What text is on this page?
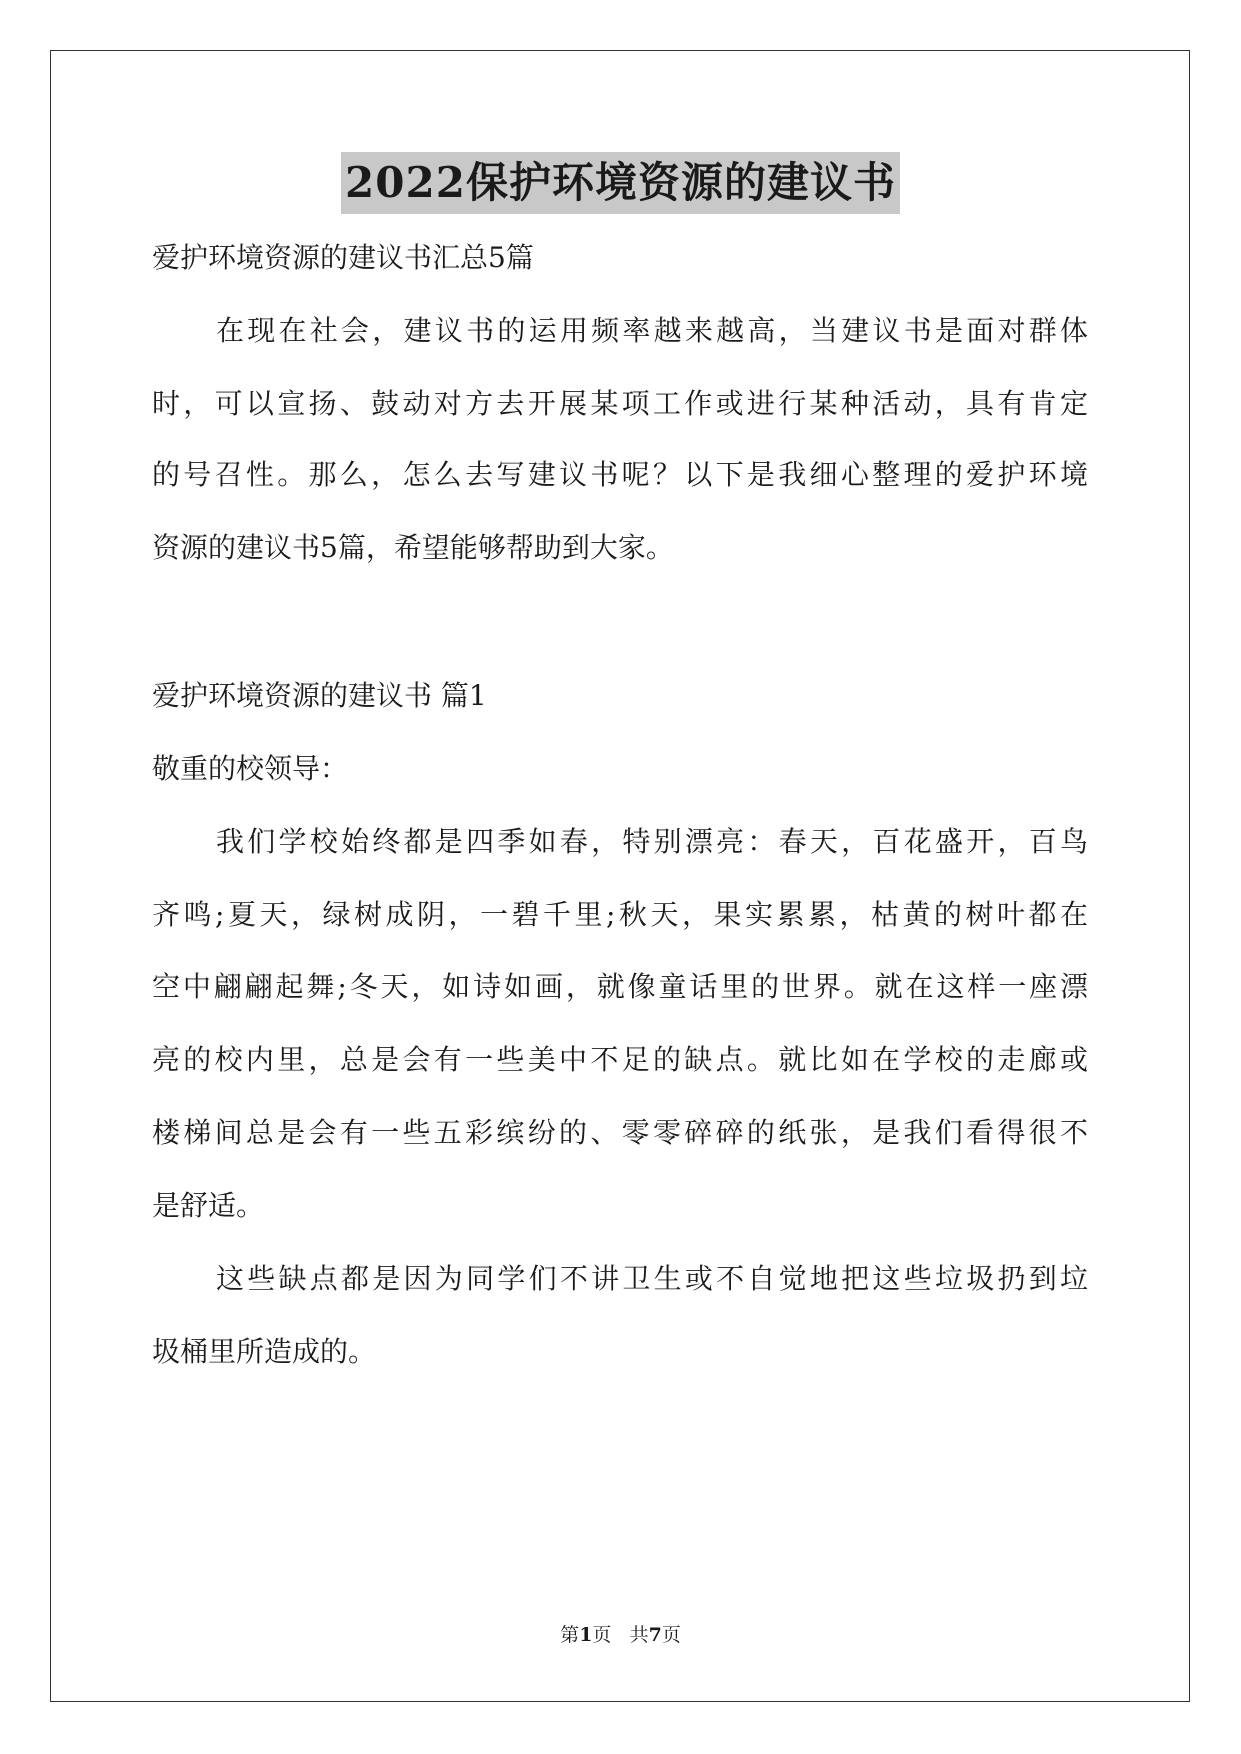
2022保护环境资源的建议书
爱护环境资源的建议书汇总5篇
在现在社会，建议书的运用频率越来越高，当建议书是面对群体
时，可以宣扬、鼓动对方去开展某项工作或进行某种活动，具有肯定
的号召性。那么，怎么去写建议书呢？以下是我细心整理的爱护环境
资源的建议书5篇，希望能够帮助到大家。
爱护环境资源的建议书 篇1
敬重的校领导：
我们学校始终都是四季如春，特别漂亮：春天，百花盛开，百鸟
齐鸣;夏天，绿树成阴，一碧千里;秋天，果实累累，枯黄的树叶都在
空中翩翩起舞;冬天，如诗如画，就像童话里的世界。就在这样一座漂
亮的校内里，总是会有一些美中不足的缺点。就比如在学校的走廊或
楼梯间总是会有一些五彩缤纷的、零零碎碎的纸张，是我们看得很不
是舒适。
这些缺点都是因为同学们不讲卫生或不自觉地把这些垃圾扔到垃
圾桶里所造成的。
第1页 共7页
